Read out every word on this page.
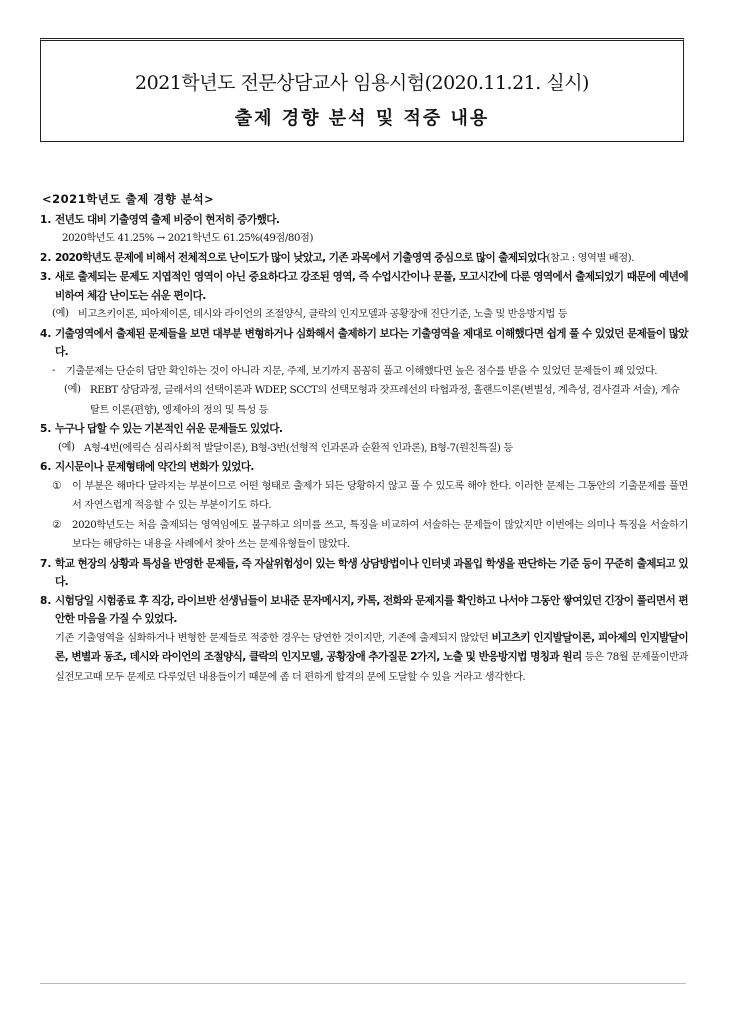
2021학년도 전문상담교사 임용시험(2020.11.21. 실시)
출제 경향 분석 및 적중 내용
<2021학년도 출제 경향 분석>
1. 전년도 대비 기출영역 출제 비중이 현저히 증가했다.
2020학년도 41.25% → 2021학년도 61.25%(49점/80점)
2. 2020학년도 문제에 비해서 전체적으로 난이도가 많이 낮았고, 기존 과목에서 기출영역 중심으로 많이 출제되었다(참고 : 영역별 배점).
3. 새로 출제되는 문제도 지엽적인 영역이 아닌 중요하다고 강조된 영역, 즉 수업시간이나 문풀, 모고시간에 다룬 영역에서 출제되었기 때문에 예년에 비하여 체감 난이도는 쉬운 편이다.
(예) 비고츠키이론, 피아제이론, 데시와 라이언의 조절양식, 클락의 인지모델과 공황장애 진단기준, 노출 및 반응방지법 등
4. 기출영역에서 출제된 문제들을 보면 대부분 변형하거나 심화해서 출제하기 보다는 기출영역을 제대로 이해했다면 쉽게 풀 수 있었던 문제들이 많았다.
- 기출문제는 단순히 답만 확인하는 것이 아니라 지문, 주제, 보기까지 꼼꼼히 풀고 이해했다면 높은 점수를 받을 수 있었던 문제들이 꽤 있었다.
(예) REBT 상담과정, 글래서의 선택이론과 WDEP, SCCT의 선택모형과 잣프레선의 타협과정, 홀랜드이론(변별성, 계측성, 검사결과 서술), 게슈탈트 이론(편향), 엥제아의 정의 및 특성 등
5. 누구나 답할 수 있는 기본적인 쉬운 문제들도 있었다.
(예) A형-4번(에릭슨 심리사회적 발달이론), B형-3번(선형적 인과론과 순환적 인과론), B형-7(원친특질) 등
6. 지시문이나 문제형태에 약간의 변화가 있었다.
① 이 부분은 해마다 달라지는 부분이므로 어떤 형태로 출제가 되든 당황하지 않고 풀 수 있도록 해야 한다. 이러한 문제는 그동안의 기출문제를 풀면서 자연스럽게 적응할 수 있는 부분이기도 하다.
② 2020학년도는 처음 출제되는 영역임에도 불구하고 의미를 쓰고, 특징을 비교하여 서술하는 문제들이 많았지만 이번에는 의미나 특징을 서술하기보다는 해당하는 내용을 사례에서 찾아 쓰는 문제유형들이 많았다.
7. 학교 현장의 상황과 특성을 반영한 문제들, 즉 자살위험성이 있는 학생 상담방법이나 인터넷 과몰입 학생을 판단하는 기준 등이 꾸준히 출제되고 있다.
8. 시험당일 시험종료 후 직강, 라이브반 선생님들이 보내준 문자메시지, 카톡, 전화와 문제지를 확인하고 나서야 그동안 쌓여있던 긴장이 풀리면서 편안한 마음을 가질 수 있었다.
기존 기출영역을 심화하거나 변형한 문제들로 적중한 경우는 당연한 것이지만, 기존에 출제되지 않았던 비고츠키 인지발달이론, 피아제의 인지발달이론, 변별과 동조, 데시와 라이언의 조절양식, 클락의 인지모델, 공황장애 추가질문 2가지, 노출 및 반응방지법 명칭과 원리 등은 78월 문제풀이반과 실전모고때 모두 문제로 다루었던 내용들이기 때문에 좀 더 편하게 합격의 문에 도달할 수 있을 거라고 생각한다.
